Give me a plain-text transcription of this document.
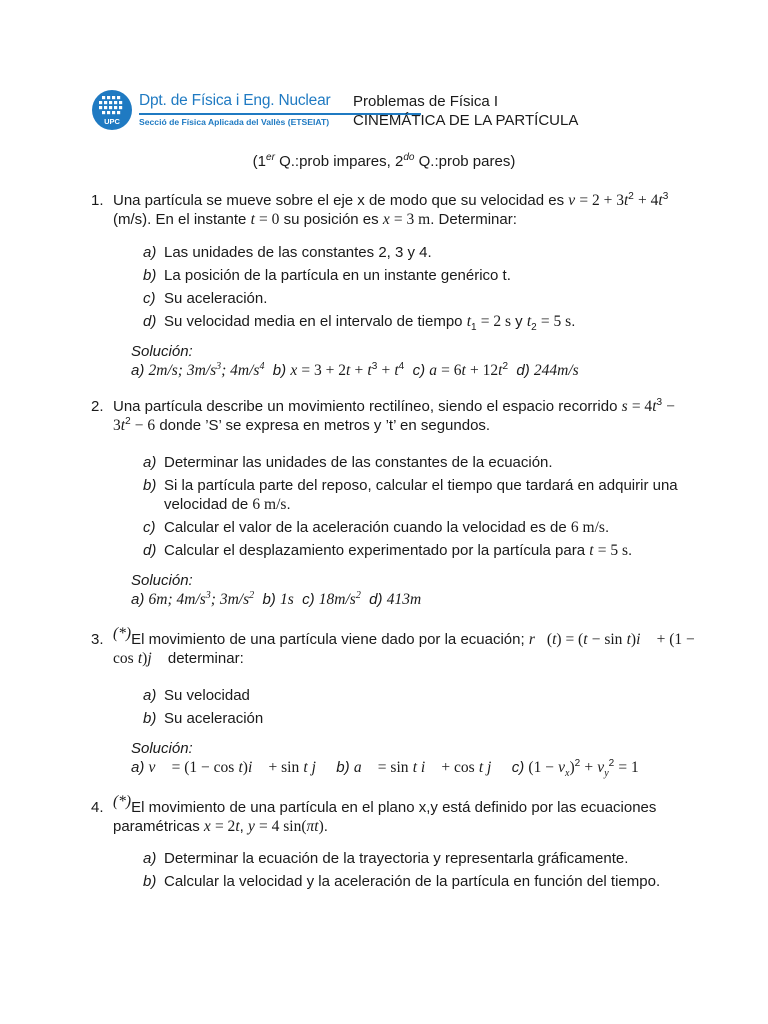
UPC
Dpt. de Física i Eng. Nuclear
Secció de Física Aplicada del Vallès (ETSEIAT)
Problemas de Física I
CINEMÁTICA DE LA PARTÍCULA
(1er Q.:prob impares, $2^{do}$ Q.:prob pares)
1. Una partícula se mueve sobre el eje x de modo que su velocidad es $v = 2 + 3t^2 + 4t^3$
(m/s). En el instante t = 0 su posición es x = 3 m. Determinar:
a) Las unidades de las constantes 2, 3 y 4.
b) La posición de la partícula en un instante genérico t.
c) Su aceleración.
d) Su velocidad media en el intervalo de tiempo $t_1 = 2$ s y $t_2 = 5$ s.
Solución:
a) 2m/s; $3m/s^3$; $4m/s^4$ b) $x = 3 + 2t + t^3 + t^4$ c) $a = 6t + 12t^2$ d) 244m/s
2. Una partícula describe un movimiento rectilíneo, siendo el espacio recorrido $s = 4t^3$ −
$3t^2 - 6$ donde ’S’ se expresa en metros y ’t’ en segundos.
a) Determinar las unidades de las constantes de la ecuación.
b) Si la partícula parte del reposo, calcular el tiempo que tardará en adquirir una velocidad de 6 m/s.
c) Calcular el valor de la aceleración cuando la velocidad es de 6 m/s.
d) Calcular el desplazamiento experimentado por la partícula para t = 5 s.
Solución:
a) 6m; $4m/s^3$; $3m/s^2$ b) 1s c) $18m/s^2$ d) 413m
3. (*)El movimiento de una partícula viene dado por la ecuación; r⃗(t) = (t − sin t)i⃗ + (1 −
cos t)j⃗ determinar:
a) Su velocidad
b) Su aceleración
Solución:
a) v⃗ = (1 − cos t)i⃗ + sin t j⃗ b) a⃗ = sin t i⃗ + cos t j⃗ c) $(1 - v_x)^2 + v_y^2 = 1$
4. (*)El movimiento de una partícula en el plano x,y está definido por las ecuaciones
paramétricas x = 2t, y = 4 sin(πt).
a) Determinar la ecuación de la trayectoria y representarla gráficamente.
b) Calcular la velocidad y la aceleración de la partícula en función del tiempo.
